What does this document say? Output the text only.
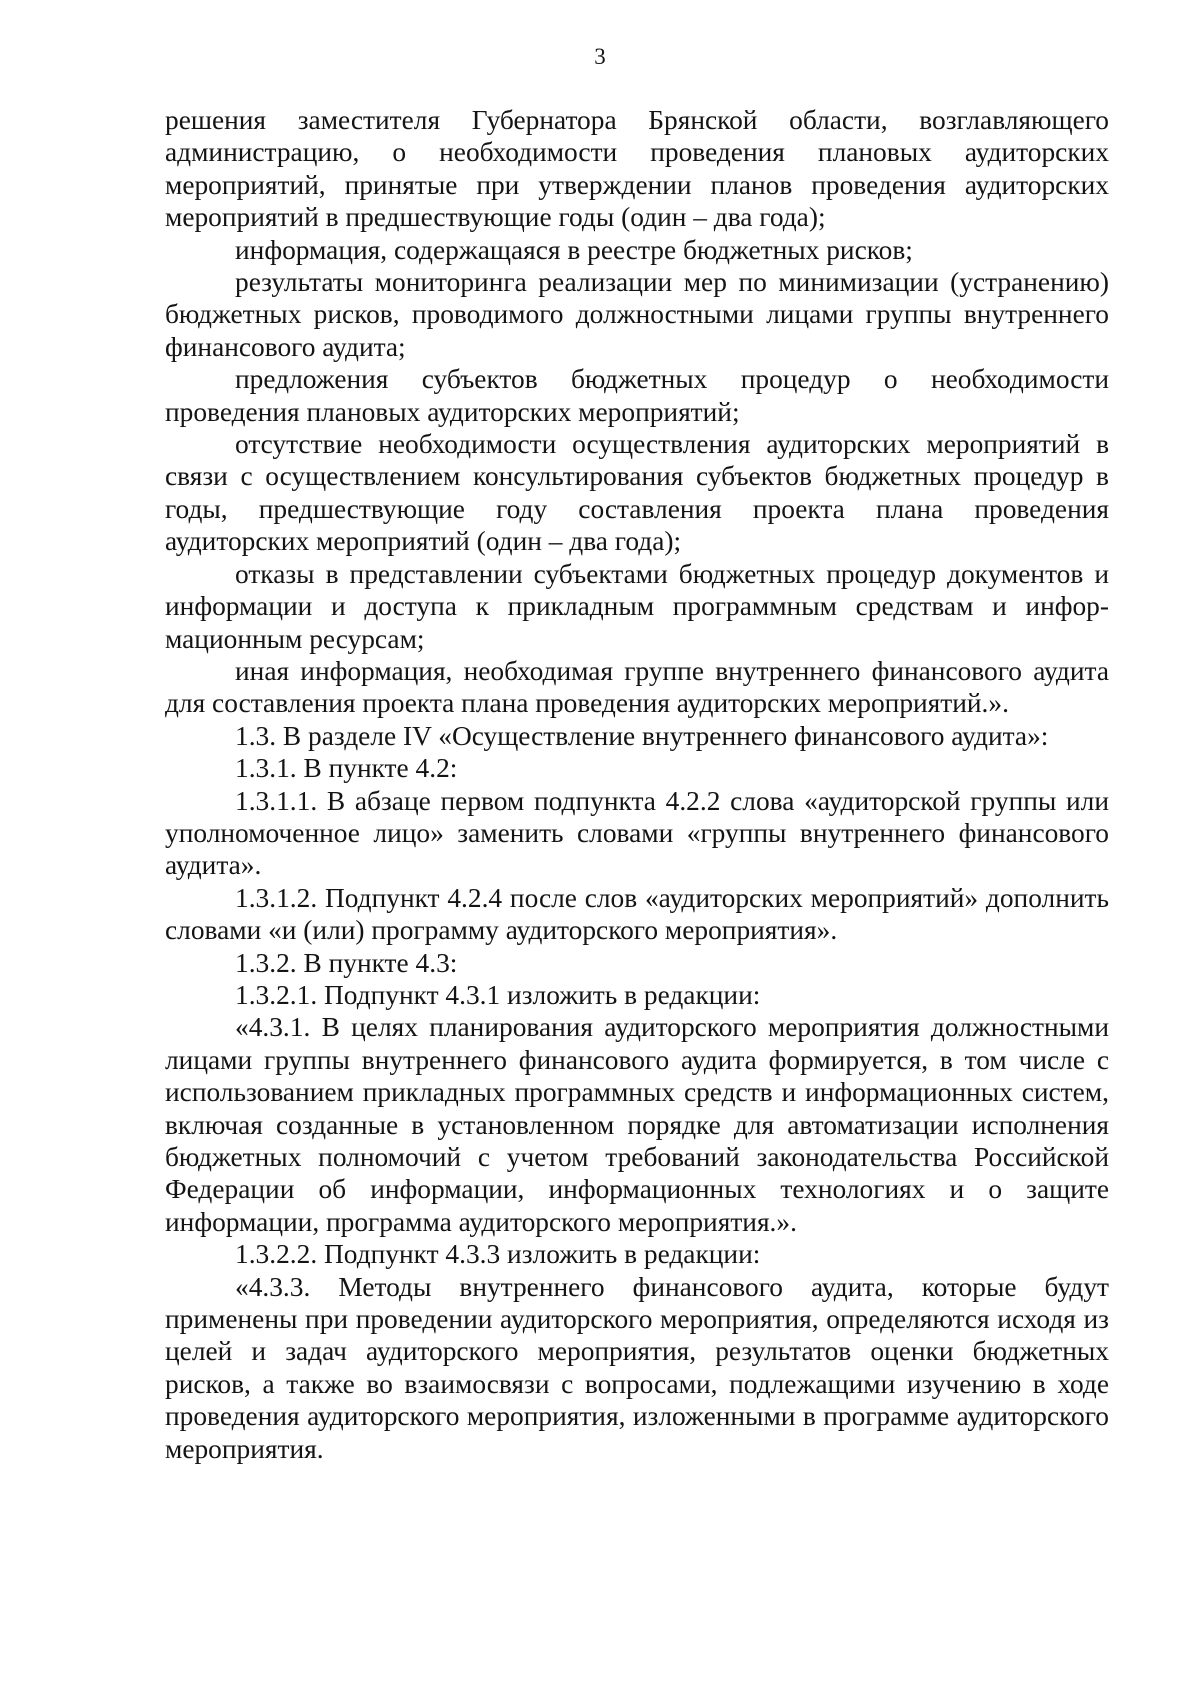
3

решения заместителя Губернатора Брянской области, возглавляющего администрацию, о необходимости проведения плановых аудиторских мероприятий, принятые при утверждении планов проведения аудиторских мероприятий в предшествующие годы (один – два года);

информация, содержащаяся в реестре бюджетных рисков;

результаты мониторинга реализации мер по минимизации (устранению) бюджетных рисков, проводимого должностными лицами группы внутреннего финансового аудита;

предложения субъектов бюджетных процедур о необходимости проведения плановых аудиторских мероприятий;

отсутствие необходимости осуществления аудиторских мероприятий в связи с осуществлением консультирования субъектов бюджетных процедур в годы, предшествующие году составления проекта плана проведения аудиторских мероприятий (один – два года);

отказы в представлении субъектами бюджетных процедур документов и информации и доступа к прикладным программным средствам и информационным ресурсам;

иная информация, необходимая группе внутреннего финансового аудита для составления проекта плана проведения аудиторских мероприятий.».

1.3. В разделе IV «Осуществление внутреннего финансового аудита»:

1.3.1. В пункте 4.2:

1.3.1.1. В абзаце первом подпункта 4.2.2 слова «аудиторской группы или уполномоченное лицо» заменить словами «группы внутреннего финансового аудита».

1.3.1.2. Подпункт 4.2.4 после слов «аудиторских мероприятий» дополнить словами «и (или) программу аудиторского мероприятия».

1.3.2. В пункте 4.3:

1.3.2.1. Подпункт 4.3.1 изложить в редакции:

«4.3.1. В целях планирования аудиторского мероприятия должностными лицами группы внутреннего финансового аудита формируется, в том числе с использованием прикладных программных средств и информационных систем, включая созданные в установленном порядке для автоматизации исполнения бюджетных полномочий с учетом требований законодательства Российской Федерации об информации, информационных технологиях и о защите информации, программа аудиторского мероприятия.».

1.3.2.2. Подпункт 4.3.3 изложить в редакции:

«4.3.3. Методы внутреннего финансового аудита, которые будут применены при проведении аудиторского мероприятия, определяются исходя из целей и задач аудиторского мероприятия, результатов оценки бюджетных рисков, а также во взаимосвязи с вопросами, подлежащими изучению в ходе проведения аудиторского мероприятия, изложенными в программе аудиторского мероприятия.
